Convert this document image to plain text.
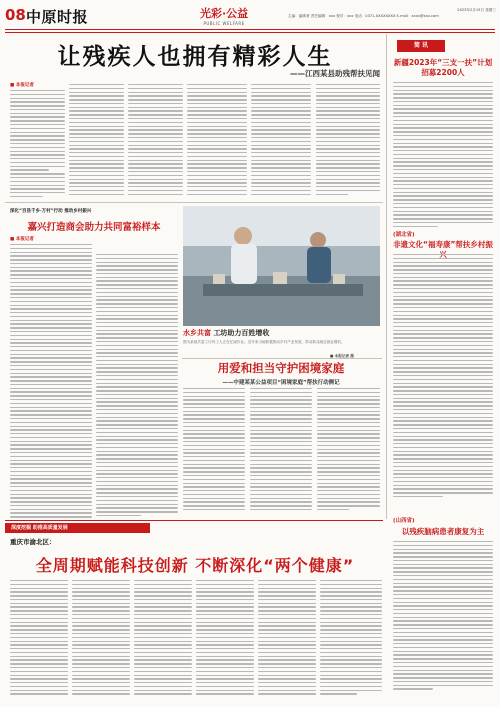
08 中原时报	光彩·公益
PUBLIC WELFARE
2023年2月15日 星期三
主编：编辑者 责任编辑：xxx 校对：xxx 电话：0371-XXXXXXXX E-mail：xxxx@xxx.com
让残疾人也拥有精彩人生
——江西某县助残帮扶见闻
■ 本报记者
深化“百县千乡·万村”行动 推动乡村振兴
嘉兴打造商会助力共同富裕样本
■ 本报记者
水乡共富 工坊助力百姓增收
图为某地共富工坊内工人正在忙碌作业。近年来当地积极推动乡村产业发展，带动群众就近就业增收。
■ 本报记者 摄
用爱和担当守护困境家庭
——中建某某公益项目“困境家庭”帮扶行动侧记
简 讯
新疆2023年“三支一扶”计划招募2200人
(湖北省)
非遗文化“福寿康”帮扶乡村振
(山西省)
以残疾脑病患者康复为主
深度挖掘 助推高质量发展
重庆市渝北区：
全周期赋能科技创新 不断深化“两个健康”
